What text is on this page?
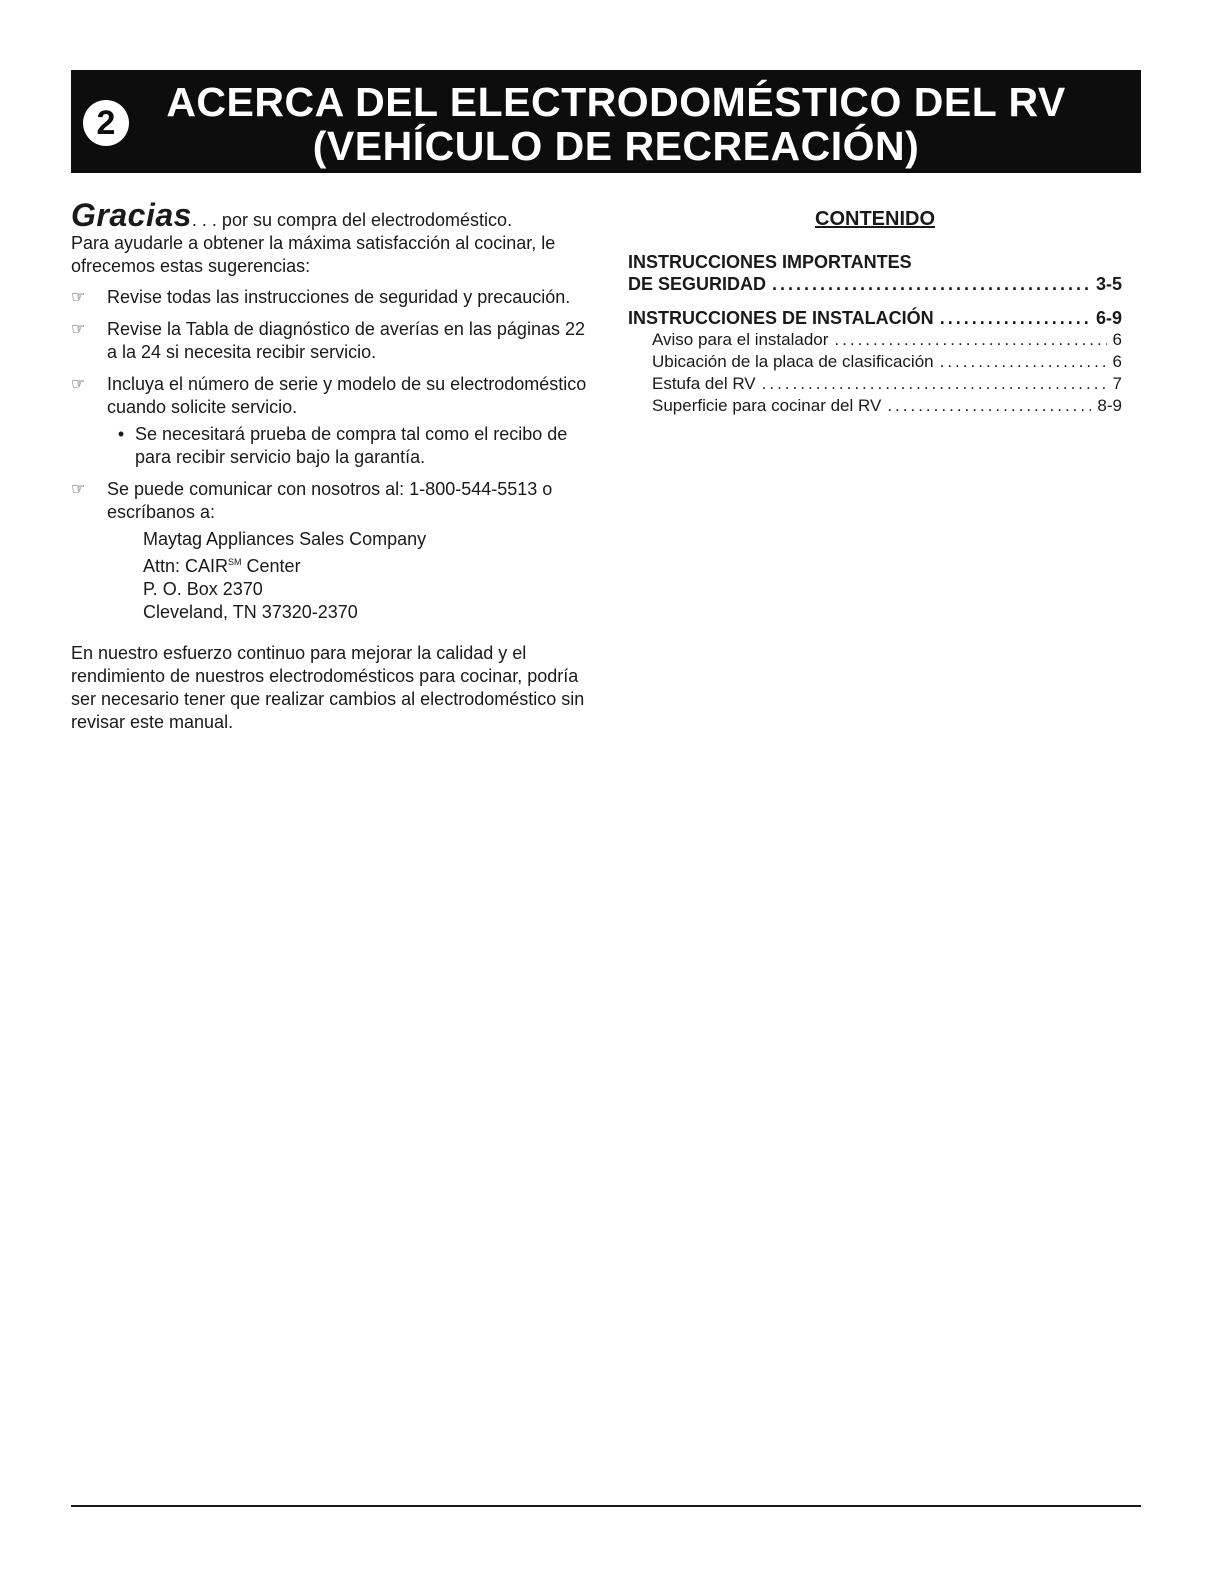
2	ACERCA DEL ELECTRODOMÉSTICO DEL RV
(VEHÍCULO DE RECREACIÓN)

Gracias. . . por su compra del electrodoméstico.

Para ayudarle a obtener la máxima satisfacción al cocinar, le ofrecemos estas sugerencias:

☞	Revise todas las instrucciones de seguridad y precaución.
☞	Revise la Tabla de diagnóstico de averías en las páginas 22 a la 24 si necesita recibir servicio.
☞	Incluya el número de serie y modelo de su electrodoméstico cuando solicite servicio.
• Se necesitará prueba de compra tal como el recibo de para recibir servicio bajo la garantía.
☞	Se puede comunicar con nosotros al: 1-800-544-5513 o escríbanos a:
Maytag Appliances Sales Company
Attn: CAIR℠ Center
P. O. Box 2370
Cleveland, TN 37320-2370

En nuestro esfuerzo continuo para mejorar la calidad y el rendimiento de nuestros electrodomésticos para cocinar, podría ser necesario tener que realizar cambios al electrodoméstico sin revisar este manual.

CONTENIDO
INSTRUCCIONES IMPORTANTES
DE SEGURIDAD .....	3-5
INSTRUCCIONES DE INSTALACIÓN .....	6-9
Aviso para el instalador .....	6
Ubicación de la placa de clasificación .....	6
Estufa del RV .....	7
Superficie para cocinar del RV .....	8-9
